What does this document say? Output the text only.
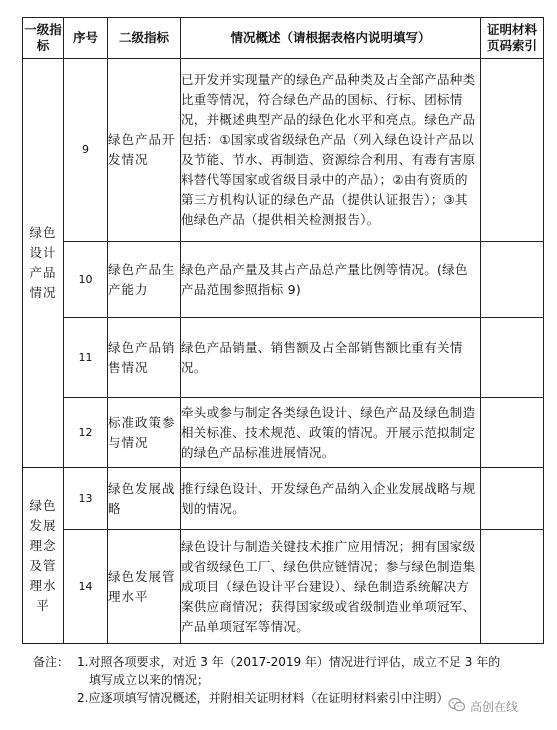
一级指标	序号	二级指标	情况概述（请根据表格内说明填写）	证明材料页码索引
绿色设计产品情况	9	绿色产品开发情况	已开发并实现量产的绿色产品种类及占全部产品种类比重等情况，符合绿色产品的国标、行标、团标情况，并概述典型产品的绿色化水平和亮点。绿色产品包括：①国家或省级绿色产品（列入绿色设计产品以及节能、节水、再制造、资源综合利用、有毒有害原料替代等国家或省级目录中的产品）；②由有资质的第三方机构认证的绿色产品（提供认证报告）；③其他绿色产品（提供相关检测报告）。	
	10	绿色产品生产能力	绿色产品产量及其占产品总产量比例等情况。(绿色产品范围参照指标 9)	
	11	绿色产品销售情况	绿色产品销量、销售额及占全部销售额比重有关情况。	
	12	标准政策参与情况	牵头或参与制定各类绿色设计、绿色产品及绿色制造相关标准、技术规范、政策的情况。开展示范拟制定的绿色产品标准进展情况。	
绿色发展理念及管理水平	13	绿色发展战略	推行绿色设计、开发绿色产品纳入企业发展战略与规划的情况。	
	14	绿色发展管理水平	绿色设计与制造关键技术推广应用情况；拥有国家级或省级绿色工厂、绿色供应链情况；参与绿色制造集成项目（绿色设计平台建设）、绿色制造系统解决方案供应商情况；获得国家级或省级制造业单项冠军、产品单项冠军等情况。	
备注： 1.对照各项要求，对近 3 年（2017-2019 年）情况进行评估，成立不足 3 年的
填写成立以来的情况；
2.应逐项填写情况概述，并附相关证明材料（在证明材料索引中注明）
高创在线
